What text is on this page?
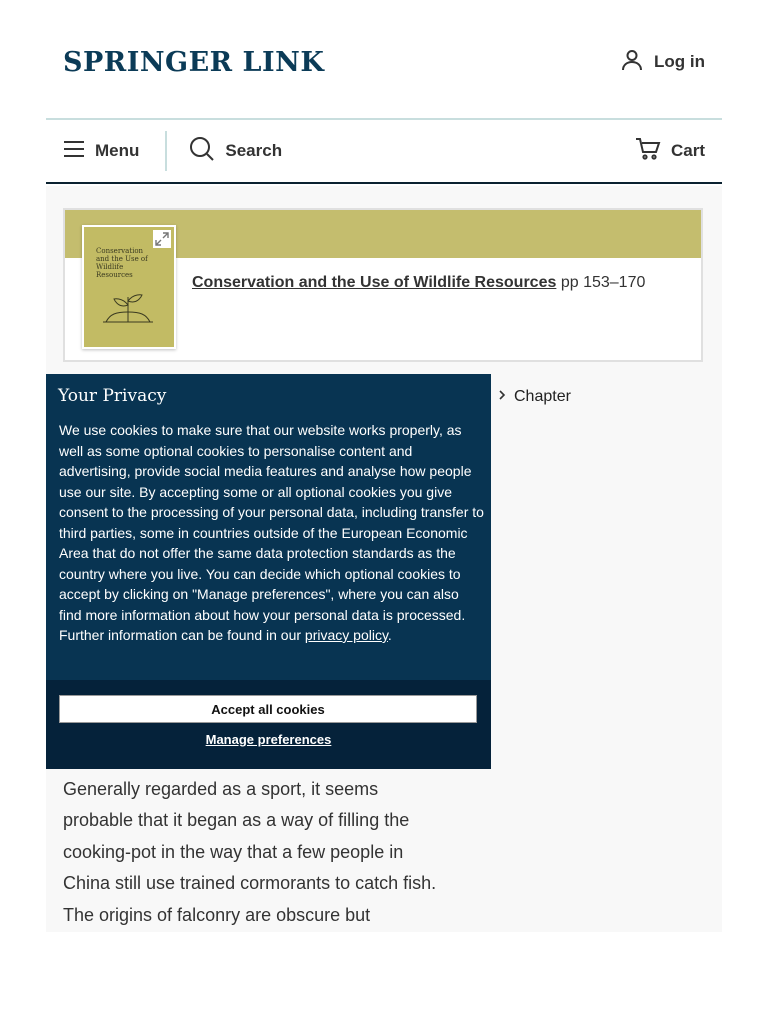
SPRINGER LINK	Log in
Menu	Search	Cart
Conservation and the Use of Wildlife Resources	Conservation and the Use of Wildlife Resources pp 153–170
Chapter
Your Privacy
We use cookies to make sure that our website works properly, as well as some optional cookies to personalise content and advertising, provide social media features and analyse how people use our site. By accepting some or all optional cookies you give consent to the processing of your personal data, including transfer to third parties, some in countries outside of the European Economic Area that do not offer the same data protection standards as the country where you live. You can decide which optional cookies to accept by clicking on "Manage preferences", where you can also find more information about how your personal data is processed. Further information can be found in our privacy policy.
Accept all cookies
Manage preferences
Generally regarded as a sport, it seems probable that it began as a way of filling the cooking-pot in the way that a few people in China still use trained cormorants to catch fish. The origins of falconry are obscure but
